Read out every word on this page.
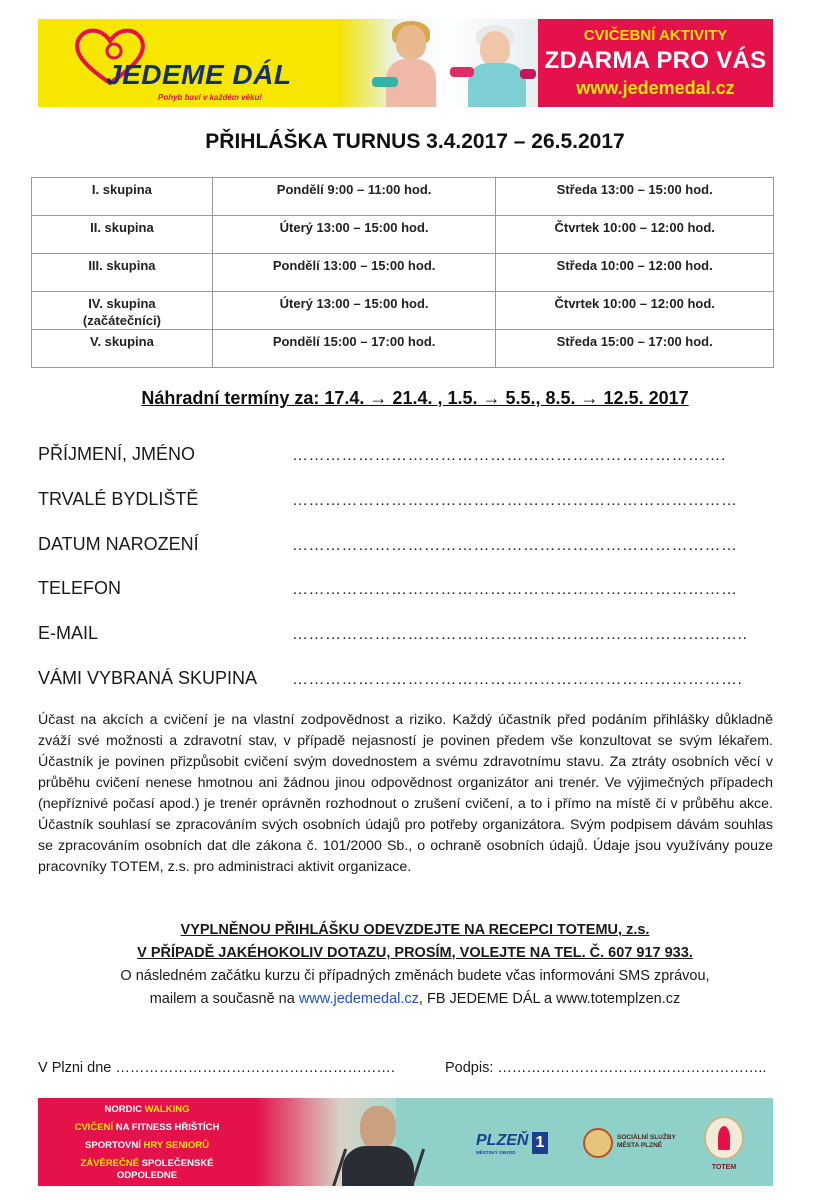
JEDEME DÁL
Pohyb baví v každém věku!
CVIČEBNÍ AKTIVITY
ZDARMA PRO VÁS
www.jedemedal.cz
PŘIHLÁŠKA TURNUS 3.4.2017 – 26.5.2017
I. skupina	Pondělí 9:00 – 11:00 hod.	Středa 13:00 – 15:00 hod.
II. skupina	Úterý 13:00 – 15:00 hod.	Čtvrtek 10:00 – 12:00 hod.
III. skupina	Pondělí 13:00 – 15:00 hod.	Středa 10:00 – 12:00 hod.
IV. skupina
(začátečníci)	Úterý 13:00 – 15:00 hod.	Čtvrtek 10:00 – 12:00 hod.
V. skupina	Pondělí 15:00 – 17:00 hod.	Středa 15:00 – 17:00 hod.
Náhradní termíny za: 17.4. → 21.4. , 1.5. → 5.5., 8.5. → 12.5. 2017
PŘÍJMENÍ, JMÉNO	…………………………………………………………………….
TRVALÉ BYDLIŠTĚ	………………………………………………………………………
DATUM NAROZENÍ	………………………………………………………………………
TELEFON	………………………………………………………………………
E-MAIL	………………………………………………………………………..
VÁMI VYBRANÁ SKUPINA ……………………………………………………………………….
Účast na akcích a cvičení je na vlastní zodpovědnost a riziko. Každý účastník před podáním přihlášky důkladně zváží své možnosti a zdravotní stav, v případě nejasností je povinen předem vše konzultovat se svým lékařem. Účastník je povinen přizpůsobit cvičení svým dovednostem a svému zdravotnímu stavu. Za ztráty osobních věcí v průběhu cvičení nenese hmotnou ani žádnou jinou odpovědnost organizátor ani trenér. Ve výjimečných případech (nepříznivé počasí apod.) je trenér oprávněn rozhodnout o zrušení cvičení, a to i přímo na místě či v průběhu akce. Účastník souhlasí se zpracováním svých osobních údajů pro potřeby organizátora. Svým podpisem dávám souhlas se zpracováním osobních dat dle zákona č. 101/2000 Sb., o ochraně osobních údajů. Údaje jsou využívány pouze pracovníky TOTEM, z.s. pro administraci aktivit organizace.
VYPLNĚNOU PŘIHLÁŠKU ODEVZDEJTE NA RECEPCI TOTEMU, z.s.
V PŘÍPADĚ JAKÉHOKOLIV DOTAZU, PROSÍM, VOLEJTE NA TEL. Č. 607 917 933.
O následném začátku kurzu či případných změnách budete včas informováni SMS zprávou,
mailem a současně na www.jedemedal.cz, FB JEDEME DÁL a www.totemplzen.cz
V Plzni dne ………………………………………………….	Podpis: ………………………………………………..
NORDIC WALKING
CVIČENÍ NA FITNESS HŘIŠTÍCH
SPORTOVNÍ HRY SENIORŮ
ZÁVĚREČNÉ SPOLEČENSKÉ
ODPOLEDNE
PLZEŇ 1
MĚSTSKÝ OBVOD
SOCIÁLNÍ SLUŽBY
MĚSTA PLZNĚ
TOTEM
